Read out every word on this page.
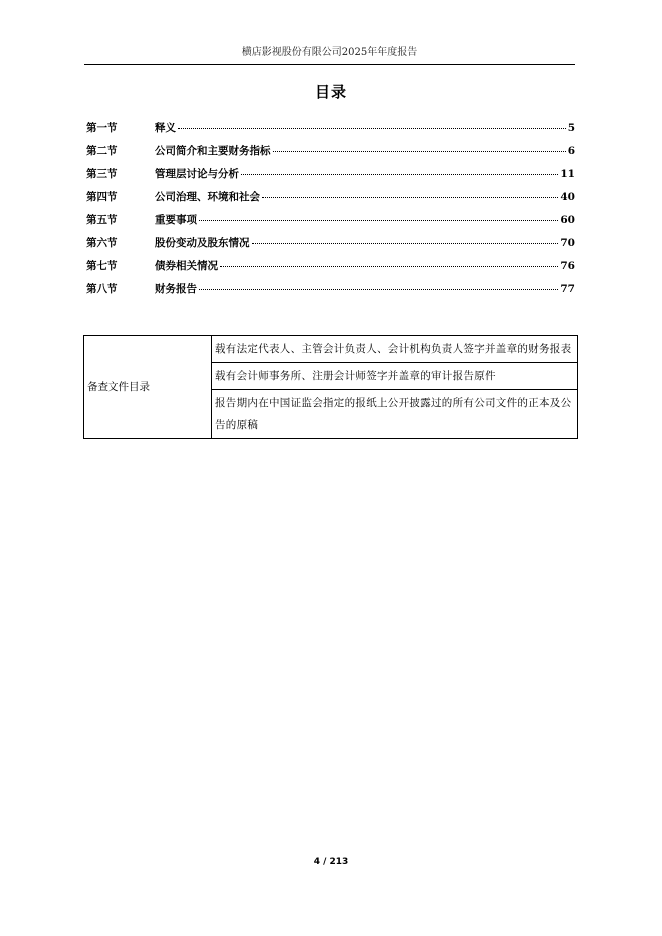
横店影视股份有限公司2025年年度报告
目录
第一节	释义	5
第二节	公司简介和主要财务指标	6
第三节	管理层讨论与分析	11
第四节	公司治理、环境和社会	40
第五节	重要事项	60
第六节	股份变动及股东情况	70
第七节	债券相关情况	76
第八节	财务报告	77
备查文件目录	载有法定代表人、主管会计负责人、会计机构负责人签字并盖章的财务报表
载有会计师事务所、注册会计师签字并盖章的审计报告原件
报告期内在中国证监会指定的报纸上公开披露过的所有公司文件的正本及公告的原稿
4 / 213
